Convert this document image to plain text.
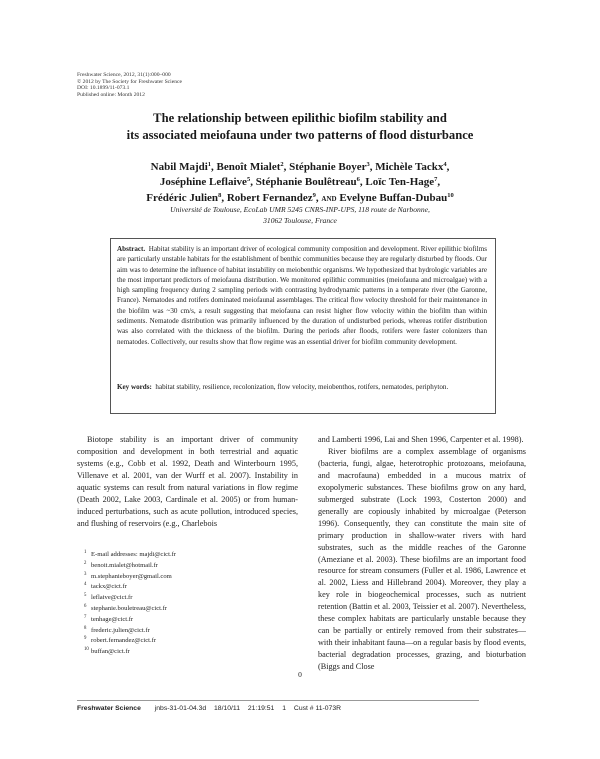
Freshwater Science, 2012, 31(1):000–000
© 2012 by The Society for Freshwater Science
DOI: 10.1899/11-073.1
Published online: Month 2012
The relationship between epilithic biofilm stability and
its associated meiofauna under two patterns of flood disturbance
Nabil Majdi$^1$, Benoît Mialet$^2$, Stéphanie Boyer$^3$, Michèle Tackx$^4$,
Joséphine Leflaive$^5$, Stéphanie Boulêtreau$^6$, Loïc Ten-Hage$^7$,
Frédéric Julien$^8$, Robert Fernandez$^9$, and Evelyne Buffan-Dubau$^{10}$
Université de Toulouse, EcoLab UMR 5245 CNRS-INP-UPS, 118 route de Narbonne,
31062 Toulouse, France
Abstract. Habitat stability is an important driver of ecological community composition and development. River epilithic biofilms are particularly unstable habitats for the establishment of benthic communities because they are regularly disturbed by floods. Our aim was to determine the influence of habitat instability on meiobenthic organisms. We hypothesized that hydrologic variables are the most important predictors of meiofauna distribution. We monitored epilithic communities (meiofauna and microalgae) with a high sampling frequency during 2 sampling periods with contrasting hydrodynamic patterns in a temperate river (the Garonne, France). Nematodes and rotifers dominated meiofaunal assemblages. The critical flow velocity threshold for their maintenance in the biofilm was ~30 cm/s, a result suggesting that meiofauna can resist higher flow velocity within the biofilm than within sediments. Nematode distribution was primarily influenced by the duration of undisturbed periods, whereas rotifer distribution was also correlated with the thickness of the biofilm. During the periods after floods, rotifers were faster colonizers than nematodes. Collectively, our results show that flow regime was an essential driver for biofilm community development.
Key words: habitat stability, resilience, recolonization, flow velocity, meiobenthos, rotifers, nematodes, periphyton.
Biotope stability is an important driver of community composition and development in both terrestrial and aquatic systems (e.g., Cobb et al. 1992, Death and Winterbourn 1995, Villenave et al. 2001, van der Wurff et al. 2007). Instability in aquatic systems can result from natural variations in flow regime (Death 2002, Lake 2003, Cardinale et al. 2005) or from human-induced perturbations, such as acute pollution, introduced species, and flushing of reservoirs (e.g., Charlebois
and Lamberti 1996, Lai and Shen 1996, Carpenter et al. 1998).
River biofilms are a complex assemblage of organisms (bacteria, fungi, algae, heterotrophic protozoans, meiofauna, and macrofauna) embedded in a mucous matrix of exopolymeric substances. These biofilms grow on any hard, submerged substrate (Lock 1993, Costerton 2000) and generally are copiously inhabited by microalgae (Peterson 1996). Consequently, they can constitute the main site of primary production in shallow-water rivers with hard substrates, such as the middle reaches of the Garonne (Ameziane et al. 2003). These biofilms are an important food resource for stream consumers (Fuller et al. 1986, Lawrence et al. 2002, Liess and Hillebrand 2004). Moreover, they play a key role in biogeochemical processes, such as nutrient retention (Battin et al. 2003, Teissier et al. 2007). Nevertheless, these complex habitats are particularly unstable because they can be partially or entirely removed from their substrates—with their inhabitant fauna—on a regular basis by flood events, bacterial degradation processes, grazing, and bioturbation (Biggs and Close
$^1$ E-mail addresses: majdi@cict.fr
$^2$ benoit.mialet@hotmail.fr
$^3$ m.stephanieboyer@gmail.com
$^4$ tackx@cict.fr
$^5$ leflaive@cict.fr
$^6$ stephanie.bouletreau@cict.fr
$^7$ tenhage@cict.fr
$^8$ frederic.julien@cict.fr
$^9$ robert.fernandez@cict.fr
$^{10}$ buffan@cict.fr
0
Freshwater Science jnbs-31-01-04.3d 18/10/11 21:19:51 1 Cust # 11-073R
